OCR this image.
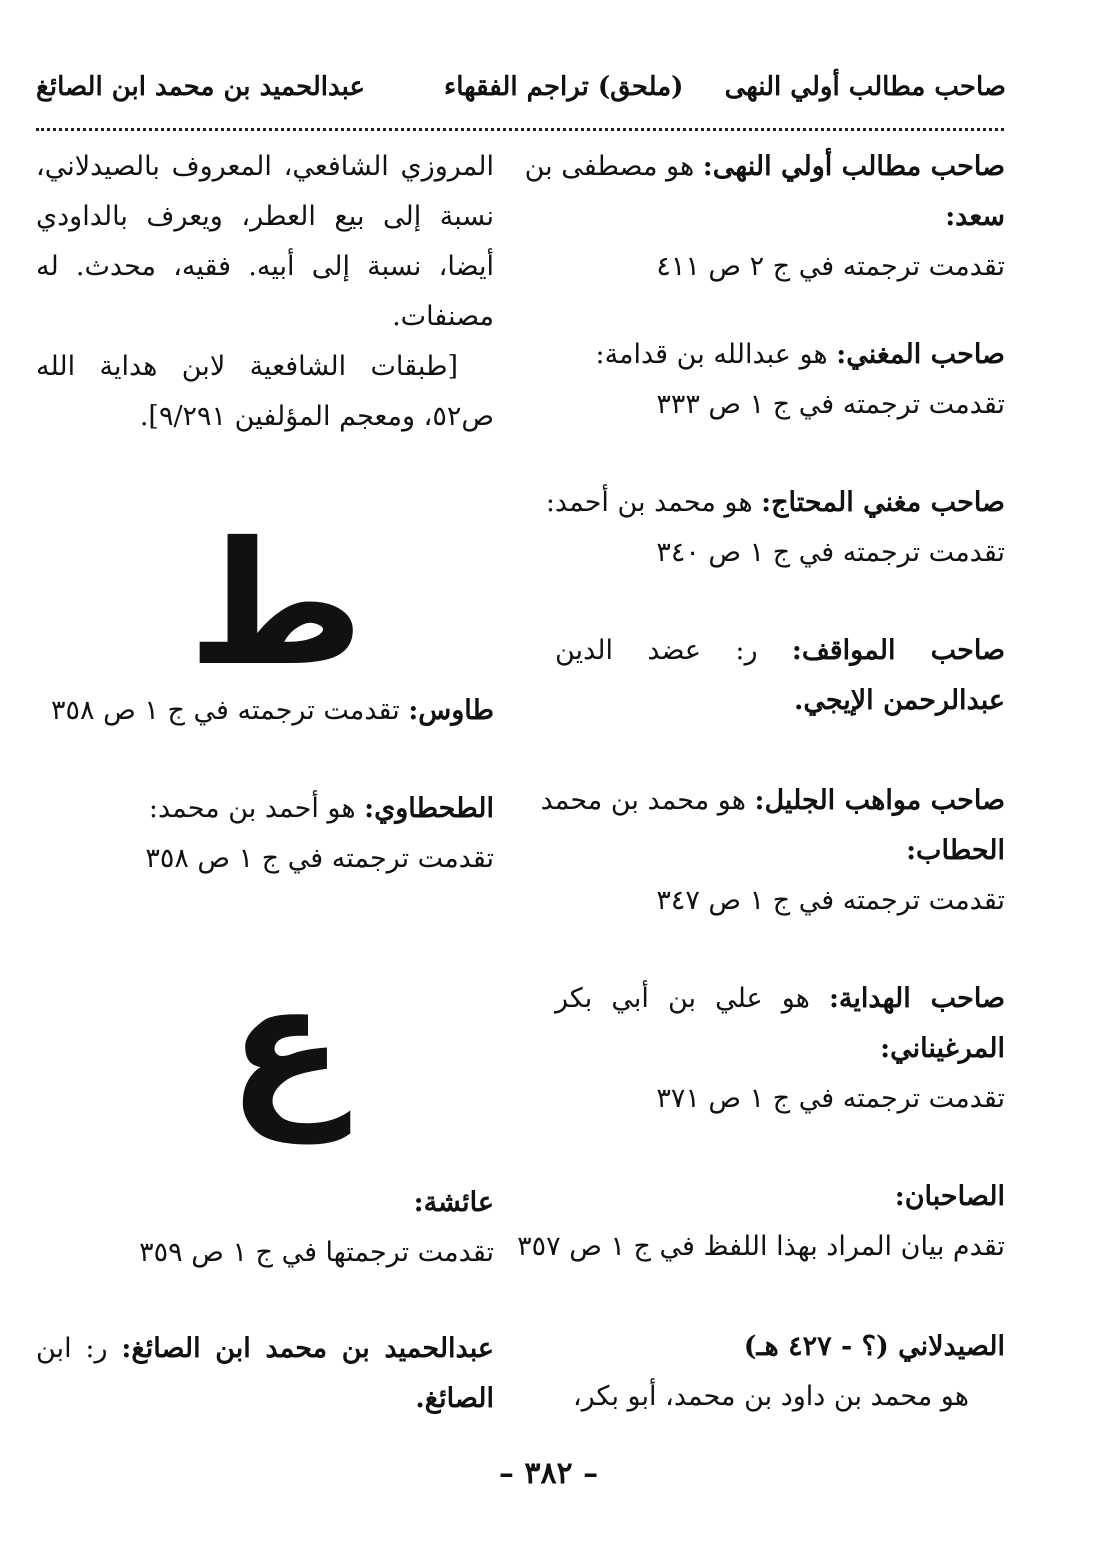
صاحب مطالب أولي النهى
(ملحق) تراجم الفقهاء
عبدالحميد بن محمد ابن الصائغ
صاحب مطالب أولي النهى: هو مصطفى بن
سعد:
تقدمت ترجمته في ج ٢ ص ٤١١
صاحب المغني: هو عبدالله بن قدامة:
تقدمت ترجمته في ج ١ ص ٣٣٣
صاحب مغني المحتاج: هو محمد بن أحمد:
تقدمت ترجمته في ج ١ ص ٣٤٠
صاحب المواقف: ر: عضد الدين
عبدالرحمن الإيجي.
صاحب مواهب الجليل: هو محمد بن محمد
الحطاب:
تقدمت ترجمته في ج ١ ص ٣٤٧
صاحب الهداية: هو علي بن أبي بكر
المرغيناني:
تقدمت ترجمته في ج ١ ص ٣٧١
الصاحبان:
تقدم بيان المراد بهذا اللفظ في ج ١ ص ٣٥٧
الصيدلاني (؟ - ٤٢٧ هـ)
هو محمد بن داود بن محمد، أبو بكر،
المروزي الشافعي، المعروف بالصيدلاني،
نسبة إلى بيع العطر، ويعرف بالداودي
أيضا، نسبة إلى أبيه. فقيه، محدث. له
مصنفات.
[طبقات الشافعية لابن هداية الله
ص٥٢، ومعجم المؤلفين ٩/٢٩١].
طاوس: تقدمت ترجمته في ج ١ ص ٣٥٨
الطحطاوي: هو أحمد بن محمد:
تقدمت ترجمته في ج ١ ص ٣٥٨
عائشة:
تقدمت ترجمتها في ج ١ ص ٣٥٩
عبدالحميد بن محمد ابن الصائغ: ر: ابن
الصائغ.
ط
ع
– ٣٨٢ –
